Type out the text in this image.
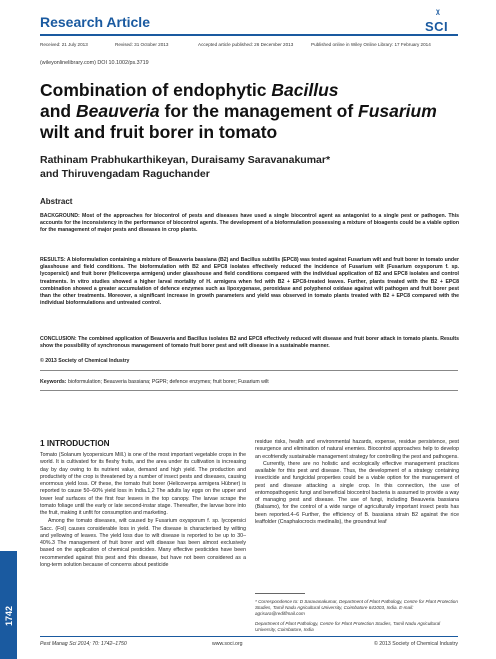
Research Article
ᵡ
SCI
Received: 21 July 2013	Revised: 31 October 2013	Accepted article published: 26 December 2013	Published online in Wiley Online Library: 17 February 2014
(wileyonlinelibrary.com) DOI 10.1002/ps.3719
Combination of endophytic Bacillus
and Beauveria for the management of Fusarium
wilt and fruit borer in tomato
Rathinam Prabhukarthikeyan, Duraisamy Saravanakumar*
and Thiruvengadam Raguchander
Abstract
BACKGROUND: Most of the approaches for biocontrol of pests and diseases have used a single biocontrol agent as antagonist to a single pest or pathogen. This accounts for the inconsistency in the performance of biocontrol agents. The development of a bioformulation possessing a mixture of bioagents could be a viable option for the management of major pests and diseases in crop plants.
RESULTS: A bioformulation containing a mixture of Beauveria bassiana (B2) and Bacillus subtilis (EPC8) was tested against Fusarium wilt and fruit borer in tomato under glasshouse and field conditions. The bioformulation with B2 and EPC8 isolates effectively reduced the incidence of Fusarium wilt (Fusarium oxysporum f. sp. lycopersici) and fruit borer (Helicoverpa armigera) under glasshouse and field conditions compared with the individual application of B2 and EPC8 isolates and control treatments. In vitro studies showed a higher larval mortality of H. armigera when fed with B2 + EPC8-treated leaves. Further, plants treated with the B2 + EPC8 combination showed a greater accumulation of defence enzymes such as lipoxygenase, peroxidase and polyphenol oxidase against wilt pathogen and fruit borer pest than the other treatments. Moreover, a significant increase in growth parameters and yield was observed in tomato plants treated with B2 + EPC8 compared with the individual bioformulations and untreated control.
CONCLUSION: The combined application of Beauveria and Bacillus isolates B2 and EPC8 effectively reduced wilt disease and fruit borer attack in tomato plants. Results show the possibility of synchronous management of tomato fruit borer pest and wilt disease in a sustainable manner.
© 2013 Society of Chemical Industry
Keywords: bioformulation; Beauveria bassiana; PGPR; defence enzymes; fruit borer; Fusarium wilt
1 INTRODUCTION

Tomato (Solanum lycopersicum Mill.) is one of the most important vegetable crops in the world. It is cultivated for its fleshy fruits, and the area under its cultivation is increasing day by day owing to its nutrient value, demand and high yield. The production and productivity of the crop is threatened by a number of insect pests and diseases, causing enormous yield loss. Of these, the tomato fruit borer (Helicoverpa armigera Hübner) is reported to cause 50–60% yield loss in India.1,2 The adults lay eggs on the upper and lower leaf surfaces of the first four leaves in the top canopy. The larvae scrape the tomato foliage until the early or late second-instar stage. Thereafter, the larvae bore into the fruit, making it unfit for consumption and marketing.

Among the tomato diseases, wilt caused by Fusarium oxysporum f. sp. lycopersici Sacc. (Fol) causes considerable loss in yield. The disease is characterised by wilting and yellowing of leaves. The yield loss due to wilt disease is reported to be up to 30–40%.3 The management of fruit borer and wilt disease has been almost exclusively based on the application of chemical pesticides. Many effective pesticides have been recommended against this pest and this disease, but have not been considered as a long-term solution because of concerns about pesticide

residue risks, health and environmental hazards, expense, residue persistence, pest resurgence and elimination of natural enemies. Biocontrol approaches help to develop an ecofriendly sustainable management strategy for controlling the pest and pathogens.

Currently, there are no holistic and ecologically effective management practices available for this pest and disease. Thus, the development of a strategy containing insecticide and fungicidal properties could be a viable option for the management of pest and disease attacking a single crop. In this connection, the use of entomopathogenic fungi and beneficial biocontrol bacteria is assumed to provide a way of managing pest and disease. The use of fungi, including Beauveria bassiana (Balsamo), for the control of a wide range of agriculturally important insect pests has been reported.4–6 Further, the efficiency of B. bassiana strain B2 against the rice leaffolder (Cnaphalocrocis medinalis), the groundnut leaf

* Correspondence to: D Saravanakumar, Department of Plant Pathology, Centre for Plant Protection Studies, Tamil Nadu Agricultural University, Coimbatore 641003, India. E-mail: agrisara@rediffmail.com
Department of Plant Pathology, Centre for Plant Protection Studies, Tamil Nadu Agricultural University, Coimbatore, India
Pest Manag Sci 2014; 70: 1742–1750	www.soci.org	© 2013 Society of Chemical Industry
1742
